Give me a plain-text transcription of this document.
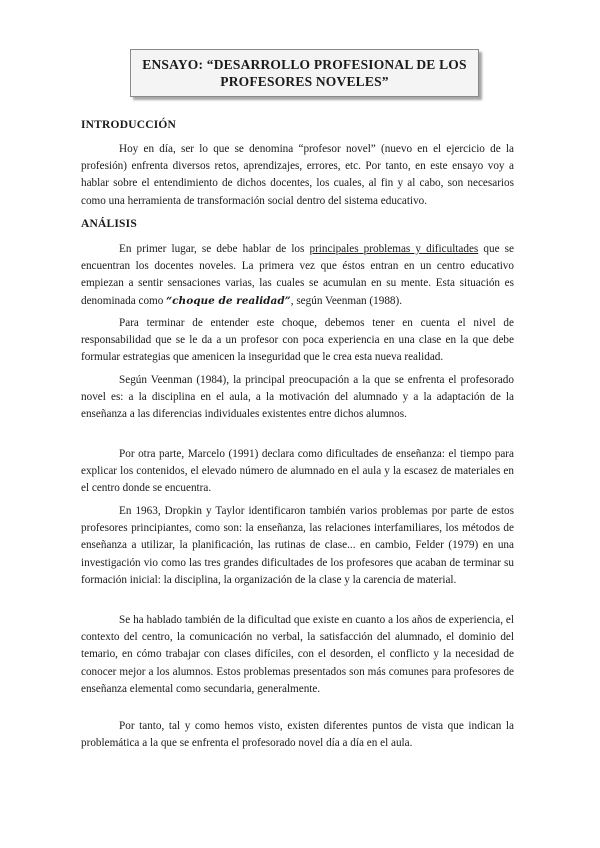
ENSAYO: “DESARROLLO PROFESIONAL DE LOS
PROFESORES NOVELES”
INTRODUCCIÓN

Hoy en día, ser lo que se denomina “profesor novel” (nuevo en el ejercicio de la profesión) enfrenta diversos retos, aprendizajes, errores, etc. Por tanto, en este ensayo voy a hablar sobre el entendimiento de dichos docentes, los cuales, al fin y al cabo, son necesarios como una herramienta de transformación social dentro del sistema educativo.

ANÁLISIS

En primer lugar, se debe hablar de los principales problemas y dificultades que se encuentran los docentes noveles. La primera vez que éstos entran en un centro educativo empiezan a sentir sensaciones varias, las cuales se acumulan en su mente. Esta situación es denominada como “choque de realidad”, según Veenman (1988).

Para terminar de entender este choque, debemos tener en cuenta el nivel de responsabilidad que se le da a un profesor con poca experiencia en una clase en la que debe formular estrategias que amenicen la inseguridad que le crea esta nueva realidad.

Según Veenman (1984), la principal preocupación a la que se enfrenta el profesorado novel es: a la disciplina en el aula, a la motivación del alumnado y a la adaptación de la enseñanza a las diferencias individuales existentes entre dichos alumnos.

Por otra parte, Marcelo (1991) declara como dificultades de enseñanza: el tiempo para explicar los contenidos, el elevado número de alumnado en el aula y la escasez de materiales en el centro donde se encuentra.

En 1963, Dropkin y Taylor identificaron también varios problemas por parte de estos profesores principiantes, como son: la enseñanza, las relaciones interfamiliares, los métodos de enseñanza a utilizar, la planificación, las rutinas de clase... en cambio, Felder (1979) en una investigación vio como las tres grandes dificultades de los profesores que acaban de terminar su formación inicial: la disciplina, la organización de la clase y la carencia de material.

Se ha hablado también de la dificultad que existe en cuanto a los años de experiencia, el contexto del centro, la comunicación no verbal, la satisfacción del alumnado, el dominio del temario, en cómo trabajar con clases difíciles, con el desorden, el conflicto y la necesidad de conocer mejor a los alumnos. Estos problemas presentados son más comunes para profesores de enseñanza elemental como secundaria, generalmente.

Por tanto, tal y como hemos visto, existen diferentes puntos de vista que indican la problemática a la que se enfrenta el profesorado novel día a día en el aula.
